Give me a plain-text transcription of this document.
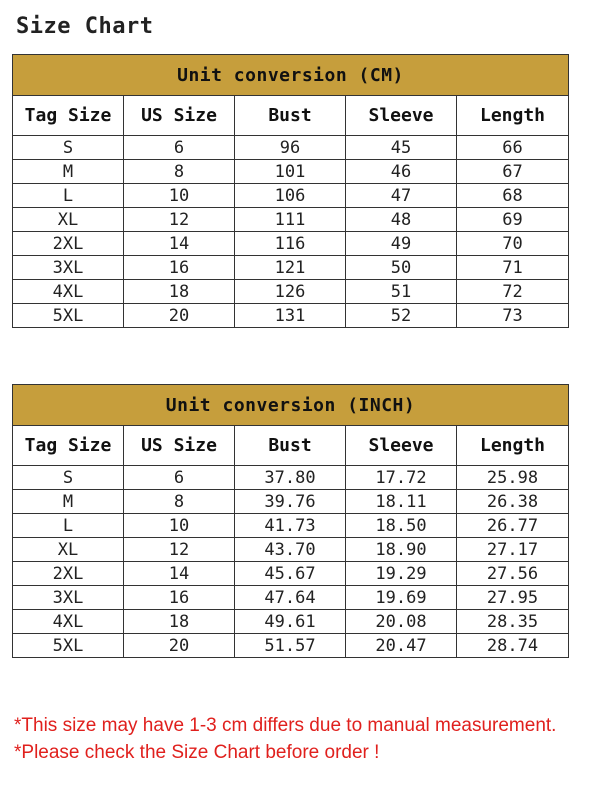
Size Chart
Unit conversion (CM)				
Tag Size	US Size	Bust	Sleeve	Length
S	6	96	45	66
M	8	101	46	67
L	10	106	47	68
XL	12	111	48	69
2XL	14	116	49	70
3XL	16	121	50	71
4XL	18	126	51	72
5XL	20	131	52	73
Unit conversion (INCH)				
Tag Size	US Size	Bust	Sleeve	Length
S	6	37.80	17.72	25.98
M	8	39.76	18.11	26.38
L	10	41.73	18.50	26.77
XL	12	43.70	18.90	27.17
2XL	14	45.67	19.29	27.56
3XL	16	47.64	19.69	27.95
4XL	18	49.61	20.08	28.35
5XL	20	51.57	20.47	28.74
*This size may have 1-3 cm differs due to manual measurement.
*Please check the Size Chart before order !
